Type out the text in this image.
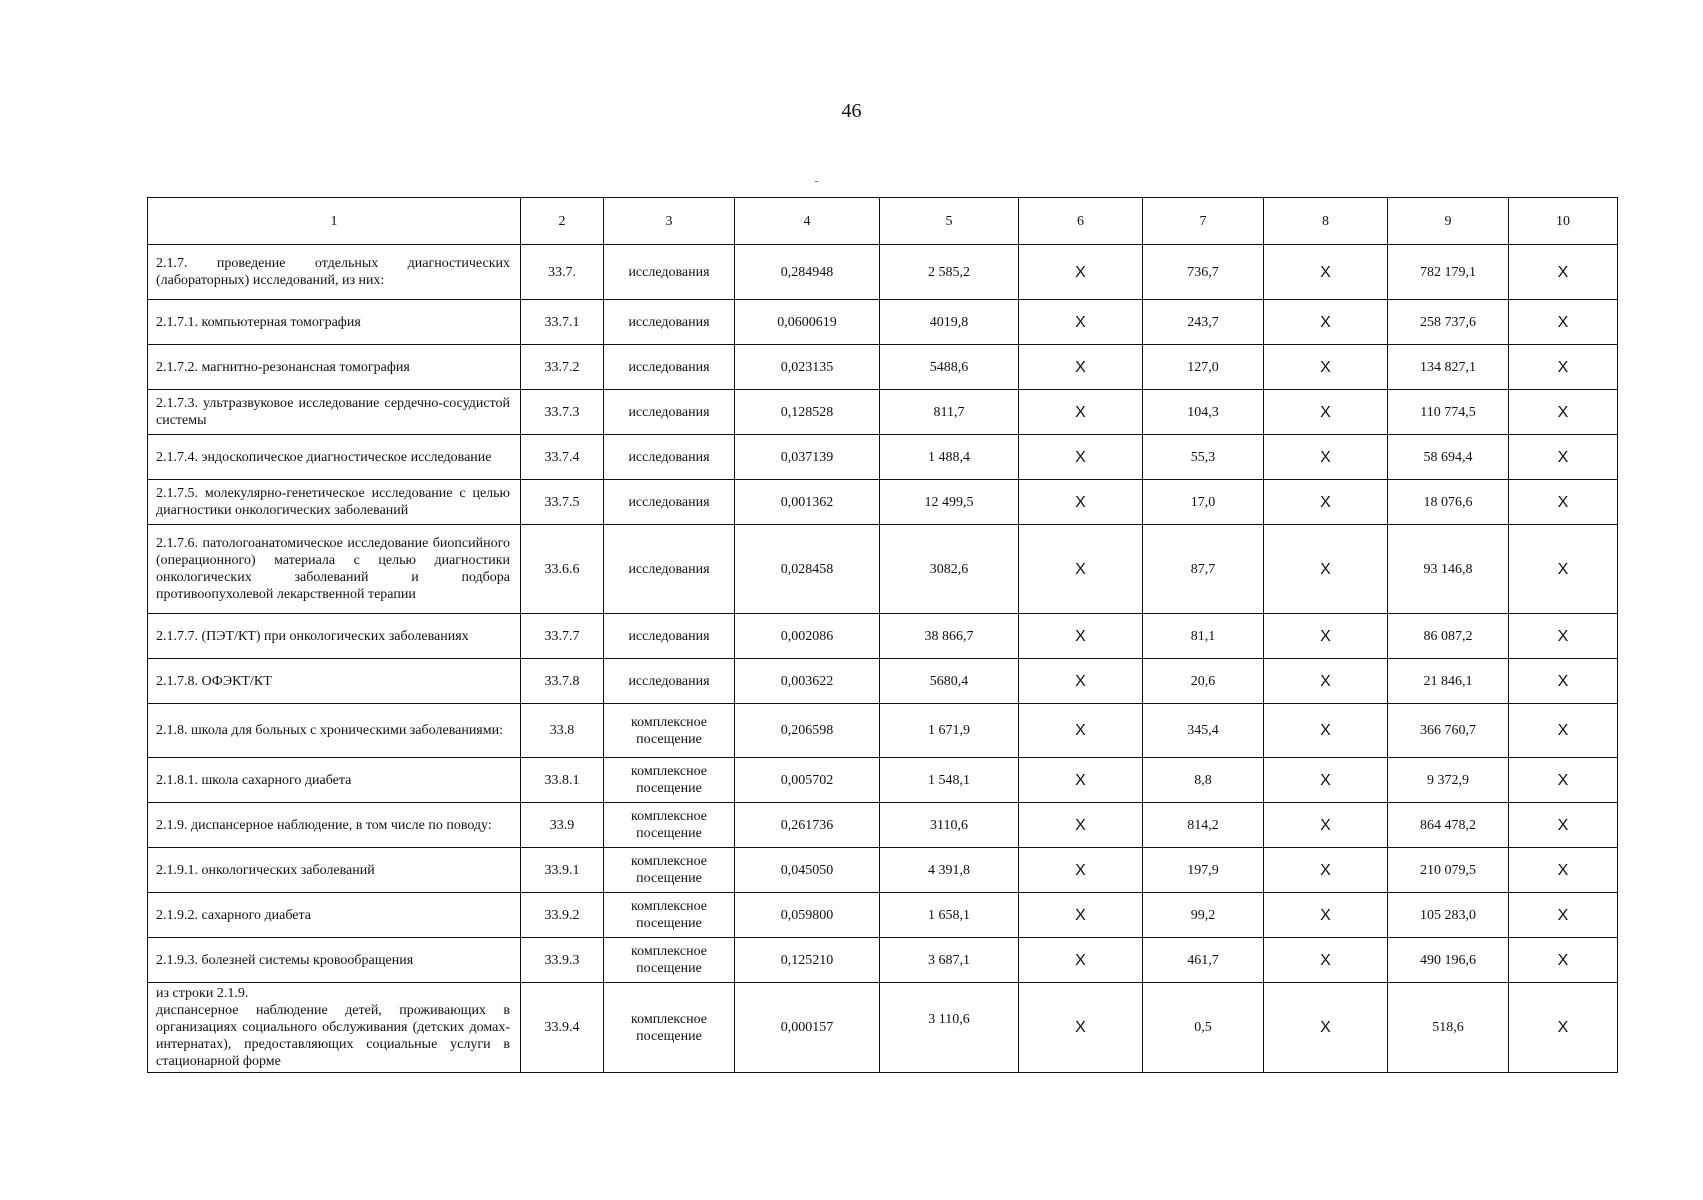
46
1	2	3	4	5	6	7	8	9	10
2.1.7. проведение отдельных диагностических (лабораторных) исследований, из них:	33.7.	исследования	0,284948	2 585,2	X	736,7	X	782 179,1	X
2.1.7.1. компьютерная томография	33.7.1	исследования	0,0600619	4019,8	X	243,7	X	258 737,6	X
2.1.7.2. магнитно-резонансная томография	33.7.2	исследования	0,023135	5488,6	X	127,0	X	134 827,1	X
2.1.7.3. ультразвуковое исследование сердечно-сосудистой системы	33.7.3	исследования	0,128528	811,7	X	104,3	X	110 774,5	X
2.1.7.4. эндоскопическое диагностическое исследование	33.7.4	исследования	0,037139	1 488,4	X	55,3	X	58 694,4	X
2.1.7.5. молекулярно-генетическое исследование с целью диагностики онкологических заболеваний	33.7.5	исследования	0,001362	12 499,5	X	17,0	X	18 076,6	X
2.1.7.6. патологоанатомическое исследование биопсийного (операционного) материала с целью диагностики онкологических заболеваний и подбора противоопухолевой лекарственной терапии	33.6.6	исследования	0,028458	3082,6	X	87,7	X	93 146,8	X
2.1.7.7. (ПЭТ/КТ) при онкологических заболеваниях	33.7.7	исследования	0,002086	38 866,7	X	81,1	X	86 087,2	X
2.1.7.8. ОФЭКТ/КТ	33.7.8	исследования	0,003622	5680,4	X	20,6	X	21 846,1	X
2.1.8. школа для больных с хроническими заболеваниями:	33.8	комплексное посещение	0,206598	1 671,9	X	345,4	X	366 760,7	X
2.1.8.1. школа сахарного диабета	33.8.1	комплексное посещение	0,005702	1 548,1	X	8,8	X	9 372,9	X
2.1.9. диспансерное наблюдение, в том числе по поводу:	33.9	комплексное посещение	0,261736	3110,6	X	814,2	X	864 478,2	X
2.1.9.1. онкологических заболеваний	33.9.1	комплексное посещение	0,045050	4 391,8	X	197,9	X	210 079,5	X
2.1.9.2. сахарного диабета	33.9.2	комплексное посещение	0,059800	1 658,1	X	99,2	X	105 283,0	X
2.1.9.3. болезней системы кровообращения	33.9.3	комплексное посещение	0,125210	3 687,1	X	461,7	X	490 196,6	X

из строки 2.1.9.
диспансерное наблюдение детей, проживающих в организациях социального обслуживания (детских домах-интернатах), предоставляющих социальные услуги в стационарной форме	33.9.4	комплексное посещение	0,000157	3 110,6	X	0,5	X	518,6	X
